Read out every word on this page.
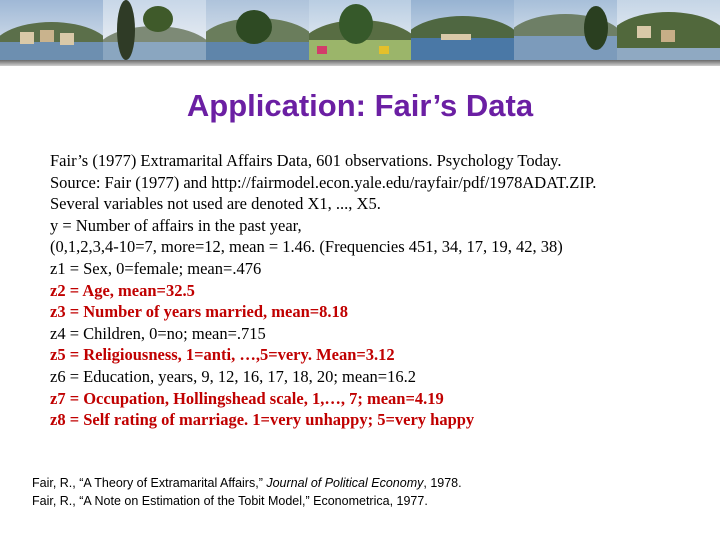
Application: Fair’s Data
Fair’s (1977) Extramarital Affairs Data, 601 observations. Psychology Today.
Source: Fair (1977) and http://fairmodel.econ.yale.edu/rayfair/pdf/1978ADAT.ZIP.
Several variables not used are denoted X1, ..., X5.
y = Number of affairs in the past year,
(0,1,2,3,4-10=7, more=12, mean = 1.46. (Frequencies 451, 34, 17, 19, 42, 38)
z1 = Sex, 0=female; mean=.476
z2 = Age, mean=32.5
z3 = Number of years married, mean=8.18
z4 = Children, 0=no; mean=.715
z5 = Religiousness, 1=anti, …,5=very. Mean=3.12
z6 = Education, years, 9, 12, 16, 17, 18, 20; mean=16.2
z7 = Occupation, Hollingshead scale, 1,…, 7; mean=4.19
z8 = Self rating of marriage. 1=very unhappy; 5=very happy
Fair, R., “A Theory of Extramarital Affairs,” Journal of Political Economy, 1978.
Fair, R., “A Note on Estimation of the Tobit Model,” Econometrica, 1977.
